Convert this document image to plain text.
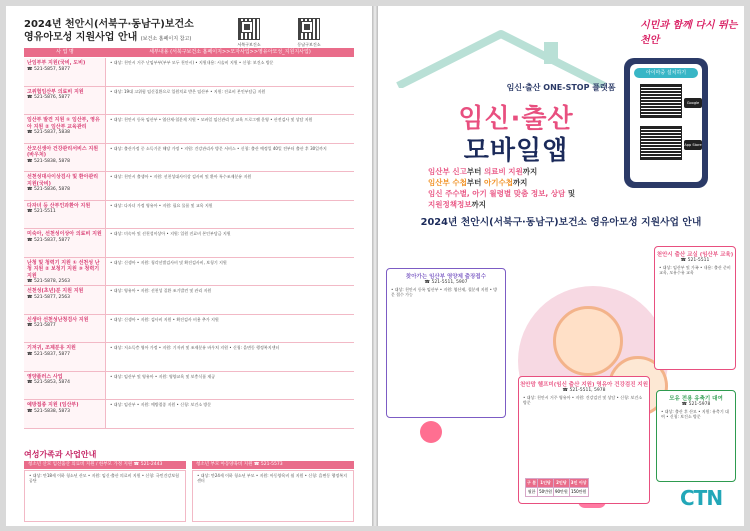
2024년 천안시(서북구·동남구)보건소
영유아모성 지원사업 안내 (보건소 홈페이지 참고)
서북구보건소	동남구보건소
사 업 명	세부내용 (서북구보건소 홈페이지>>모자사업>>영유아모성_지원지사업)
난임부부 지원(국비, 도비)
☎ 521-5857, 5877
• 대상: 천안시 거주 난임부부(부부 모두 천안시) • 지원내용: 시술비 지원 • 신청: 보건소 방문
고위험임산부 의료비 지원
☎ 521-5876, 5877
• 대상: 19대 고위험 임신질환으로 입원치료 받은 임산부 • 지원: 진료비 본인부담금 지원
임산부 발견 지원 ① 임산부, 영유아 지원 ② 임산부 교육관리
☎ 521-5837, 5838
• 대상: 천안시 등록 임산부 • 엽산제·철분제 지원 • 모바일 임신관리 및 교육 프로그램 운영 • 산전검사 및 상담 지원
산모신생아 건강관리서비스 지원(바우처)
☎ 521-5838, 5878
• 대상: 출산가정 중 소득기준 해당 가정 • 지원: 건강관리사 방문 서비스 • 신청: 출산 예정일 40일 전부터 출산 후 30일까지
선천성대사이상검사 및 환아관리 지원(국비)
☎ 521-5836, 5878
• 대상: 천안시 출생아 • 지원: 선천성대사이상 검사비 및 환아 특수조제분유 지원
다자녀 등 산부인과환아 지원
☎ 521-5511
• 대상: 다자녀 가정 영유아 • 지원: 필요 물품 및 교육 지원
미숙아, 선천성이상아 의료비 지원
☎ 521-5837, 5877
• 대상: 미숙아 및 선천성이상아 • 지원: 입원 진료비 본인부담금 지원
난청 및 청력기 지원 ① 선천성 난청 지원 ② 보청기 지원 ③ 청력기 지원
☎ 521-5878, 2563
• 대상: 신생아 • 지원: 청각선별검사비 및 확진검사비, 보청기 지원
선천성(초년)분 지원 지원
☎ 521-5877, 2563
• 대상: 영유아 • 지원: 선천성 질환 조기발견 및 관리 지원
신생아 선천성난청검사 지원
☎ 521-5877
• 대상: 신생아 • 지원: 검사비 지원 • 확진검사 비용 추가 지원
기저귀, 조제분유 지원
☎ 521-5837, 5877
• 대상: 저소득층 영아 가정 • 지원: 기저귀 및 조제분유 바우처 지원 • 신청: 읍면동 행정복지센터
영양플러스 사업
☎ 521-5853, 5874
• 대상: 임산부 및 영유아 • 지원: 영양교육 및 보충식품 제공
예방접종 지원 (임산부)
☎ 521-5838, 5873
• 대상: 임산부 • 지원: 예방접종 지원 • 신청: 보건소 방문
여성가족과 사업안내
청소년 산모 임신출산 의료비 지원 / 한부모 가정 지원 ☎ 521-2443	청소년 부모 아동양육비 지원 ☎ 521-5573
• 대상: 만18세 이하 청소년 산모 • 지원: 임신·출산 의료비 지원 • 신청: 국민건강보험공단
• 대상: 만24세 이하 청소년 부모 • 지원: 아동양육비 월 지원 • 신청: 읍면동 행정복지센터
시민과 함께 다시 뛰는 천안
임신·출산 ONE-STOP 플랫폼
임신·출산
모바일앱
임산부 신고부터 의료비 지원까지
임산부 수첩부터 아기수첩까지
임신 주수별, 아기 월령별 맞춤 정보, 상담 및
지원정책정보까지
아이마중 설치하기
Google Play
App Store
2024년 천안시(서북구·동남구)보건소 영유아모성 지원사업 안내
찾아가는 임산부 영양제 출장접수
☎ 521-5511, 5907
• 대상: 천안시 등록 임산부 • 지원: 엽산제, 철분제 지원 • 방문 접수 가능
천안시 출산 교실 (임산부 교육)
☎ 521-5511
• 대상: 임산부 및 가족 • 내용: 출산 준비 교육, 모유수유 교육
천안맘 헬프미(임신 출산 지원) 영유아 건강검진 지원
☎ 521-5511, 5978
• 대상: 천안시 거주 영유아 • 지원: 건강검진 및 상담 • 신청: 보건소 방문
구 분	1인당	2인당	3인 이상
월한	50만원	90만원	150만원
모유 전용 유축기 대여
☎ 521-5978
• 대상: 출산 후 산모 • 지원: 유축기 대여 • 신청: 보건소 방문
CTN
